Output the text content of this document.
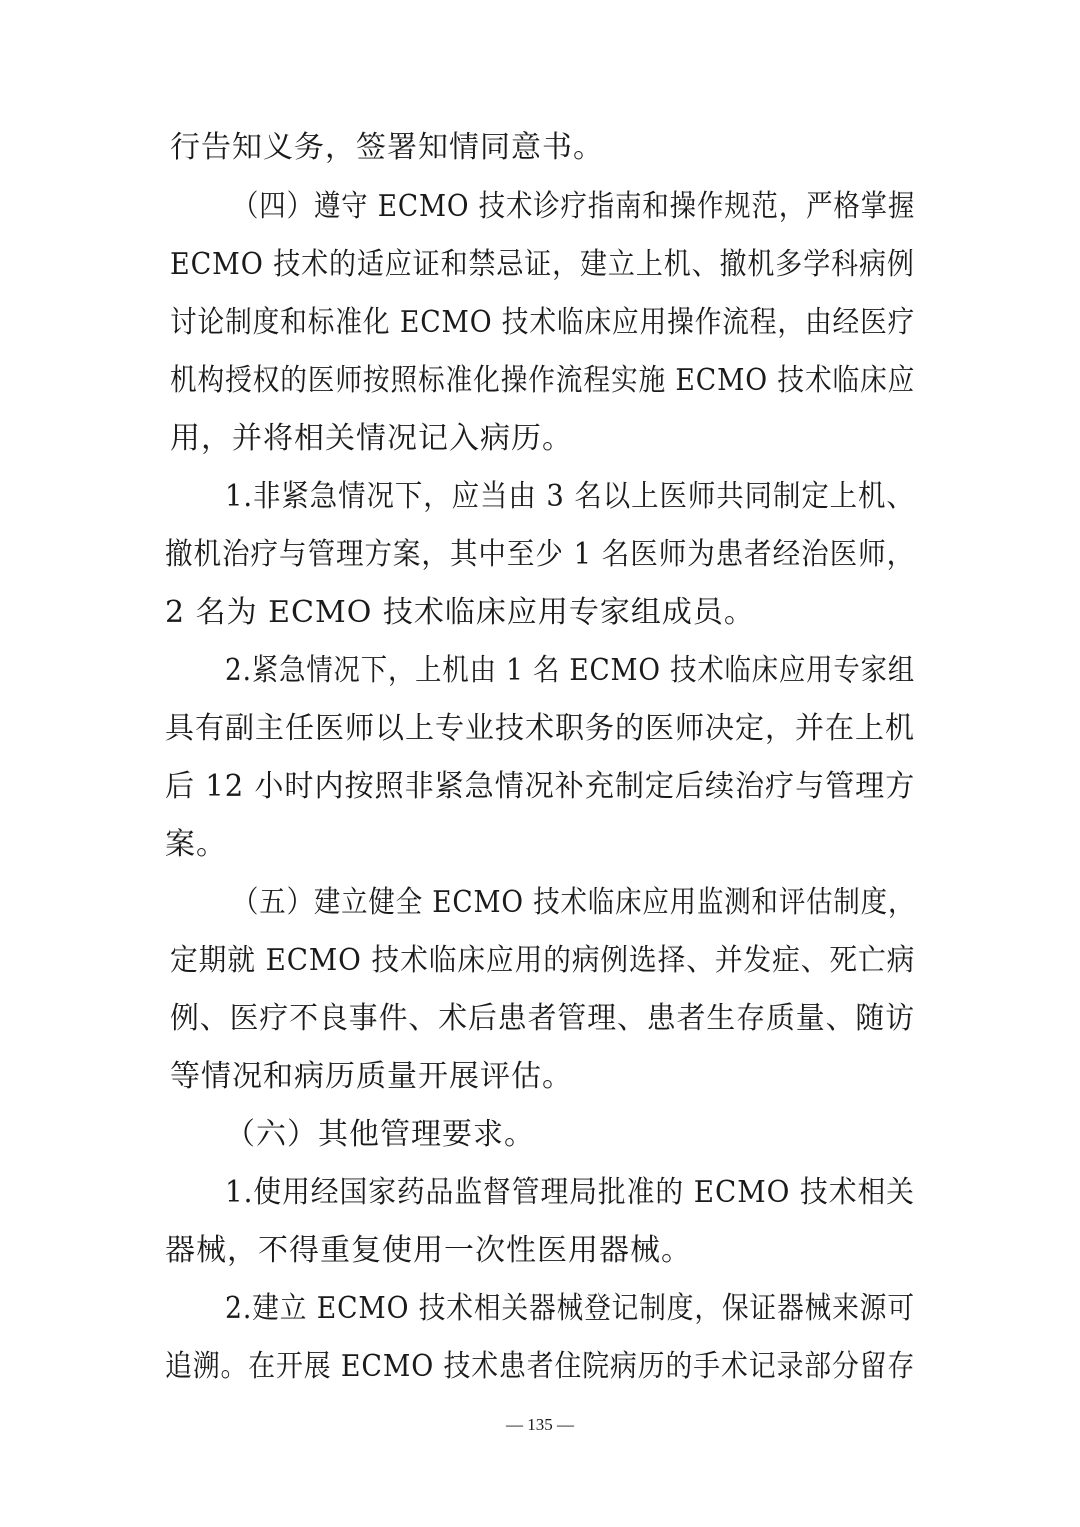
行告知义务，签署知情同意书。
（四）遵守 ECMO 技术诊疗指南和操作规范，严格掌握
ECMO 技术的适应证和禁忌证，建立上机、撤机多学科病例
讨论制度和标准化 ECMO 技术临床应用操作流程，由经医疗
机构授权的医师按照标准化操作流程实施 ECMO 技术临床应
用，并将相关情况记入病历。
1.非紧急情况下，应当由 3 名以上医师共同制定上机、
撤机治疗与管理方案，其中至少 1 名医师为患者经治医师，
2 名为 ECMO 技术临床应用专家组成员。
2.紧急情况下，上机由 1 名 ECMO 技术临床应用专家组
具有副主任医师以上专业技术职务的医师决定，并在上机
后 12 小时内按照非紧急情况补充制定后续治疗与管理方
案。
（五）建立健全 ECMO 技术临床应用监测和评估制度，
定期就 ECMO 技术临床应用的病例选择、并发症、死亡病
例、医疗不良事件、术后患者管理、患者生存质量、随访
等情况和病历质量开展评估。
（六）其他管理要求。
1.使用经国家药品监督管理局批准的 ECMO 技术相关
器械，不得重复使用一次性医用器械。
2.建立 ECMO 技术相关器械登记制度，保证器械来源可
追溯。在开展 ECMO 技术患者住院病历的手术记录部分留存
— 135 —
